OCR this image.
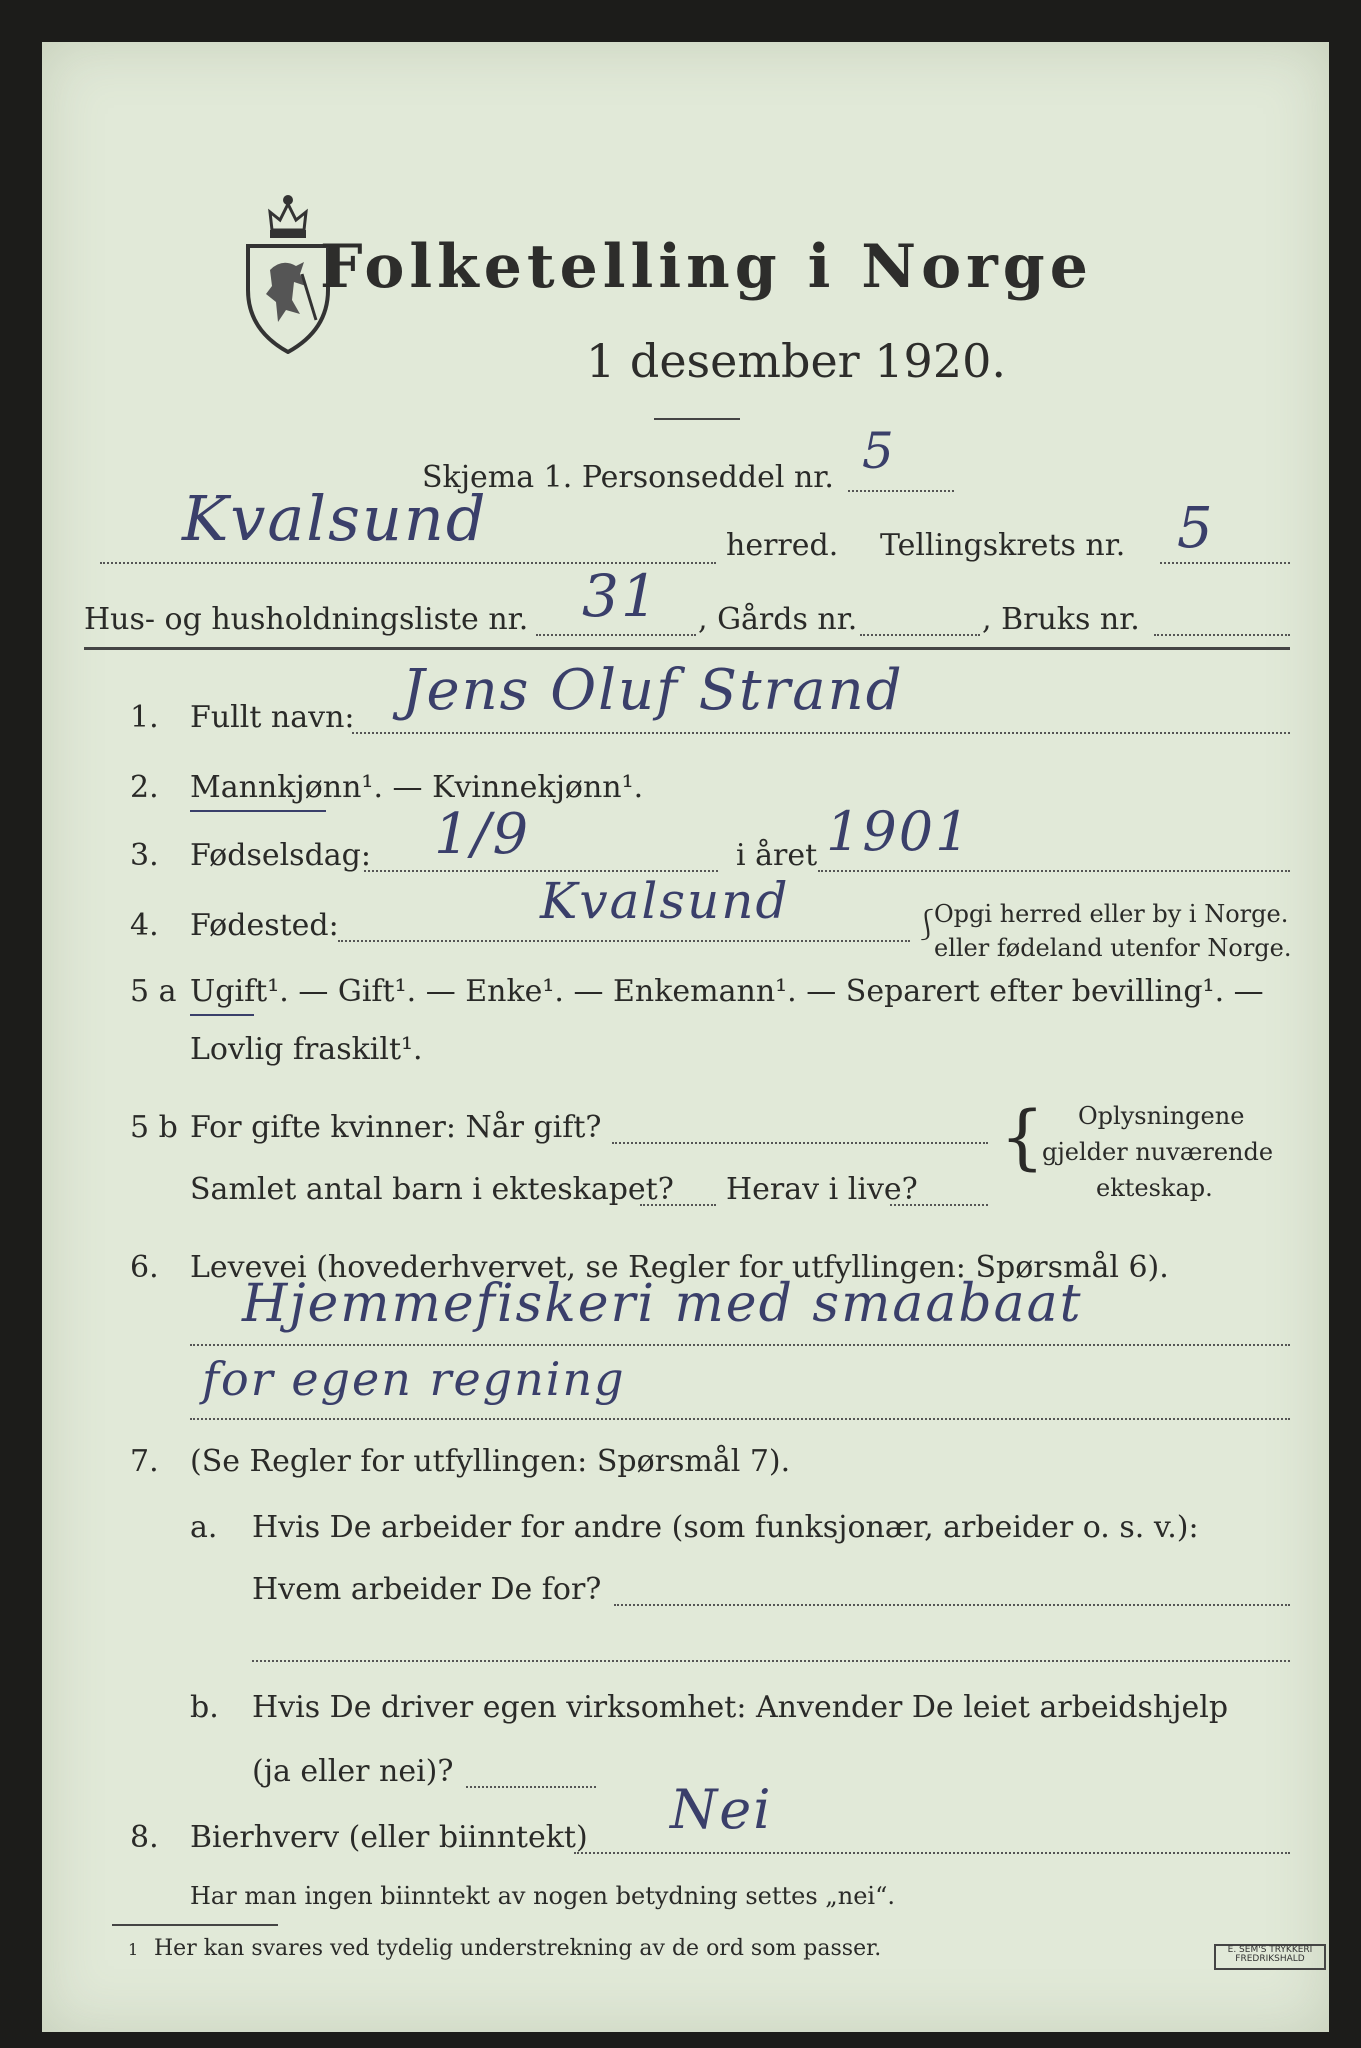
Folketelling i Norge
1 desember 1920.
Skjema 1. Personseddel nr. 5
Kvalsund	herred. Tellingskrets nr. 5
Hus- og husholdningsliste nr. 31 , Gårds nr.	, Bruks nr.
1. Fullt navn: Jens Oluf Strand
2. Mannkjønn¹. — Kvinnekjønn¹.
3. Fødselsdag: 1/9	i året 1901
4. Fødested:	Kvalsund	⎰
Opgi herred eller by i Norge.
eller fødeland utenfor Norge.
5 a Ugift¹. — Gift¹. — Enke¹. — Enkemann¹. — Separert efter bevilling¹. —
Lovlig fraskilt¹.
5 b For gifte kvinner: Når gift?
Samlet antal barn i ekteskapet? Herav i live?
{ Oplysningene
gjelder nuværende
ekteskap.
6. Levevei (hovederhvervet, se Regler for utfyllingen: Spørsmål 6).
Hjemmefiskeri med smaabaat
for egen regning
7. (Se Regler for utfyllingen: Spørsmål 7).
a. Hvis De arbeider for andre (som funksjonær, arbeider o. s. v.):
Hvem arbeider De for?
b. Hvis De driver egen virksomhet: Anvender De leiet arbeidshjelp
(ja eller nei)?
8. Bierhverv (eller biinntekt) Nei
Har man ingen biinntekt av nogen betydning settes „nei“.
1 Her kan svares ved tydelig understrekning av de ord som passer.	E. SEM'S TRYKKERI FREDRIKSHALD
